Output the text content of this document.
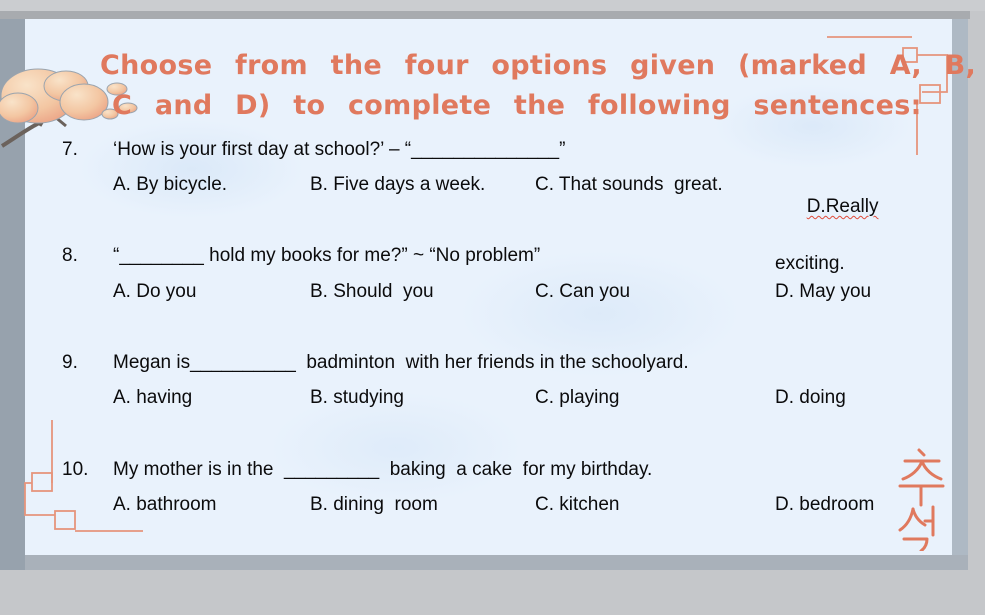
Choose from the four options given (marked A, B,
C and D) to complete the following sentences:
7. ‘How is your first day at school?’ – “______________”
A. By bicycle.	B. Five days a week.	C. That sounds  great.

D.Really

exciting.

8. “________ hold my books for me?” ~ “No problem”
A. Do you	B. Should  you	C. Can you	D. May you
9. Megan is__________  badminton  with her friends in the schoolyard.
A. having	B. studying	C. playing	D. doing
10. My mother is in the  _________  baking  a cake  for my birthday.
A. bathroom	B. dining  room	C. kitchen	D. bedroom
